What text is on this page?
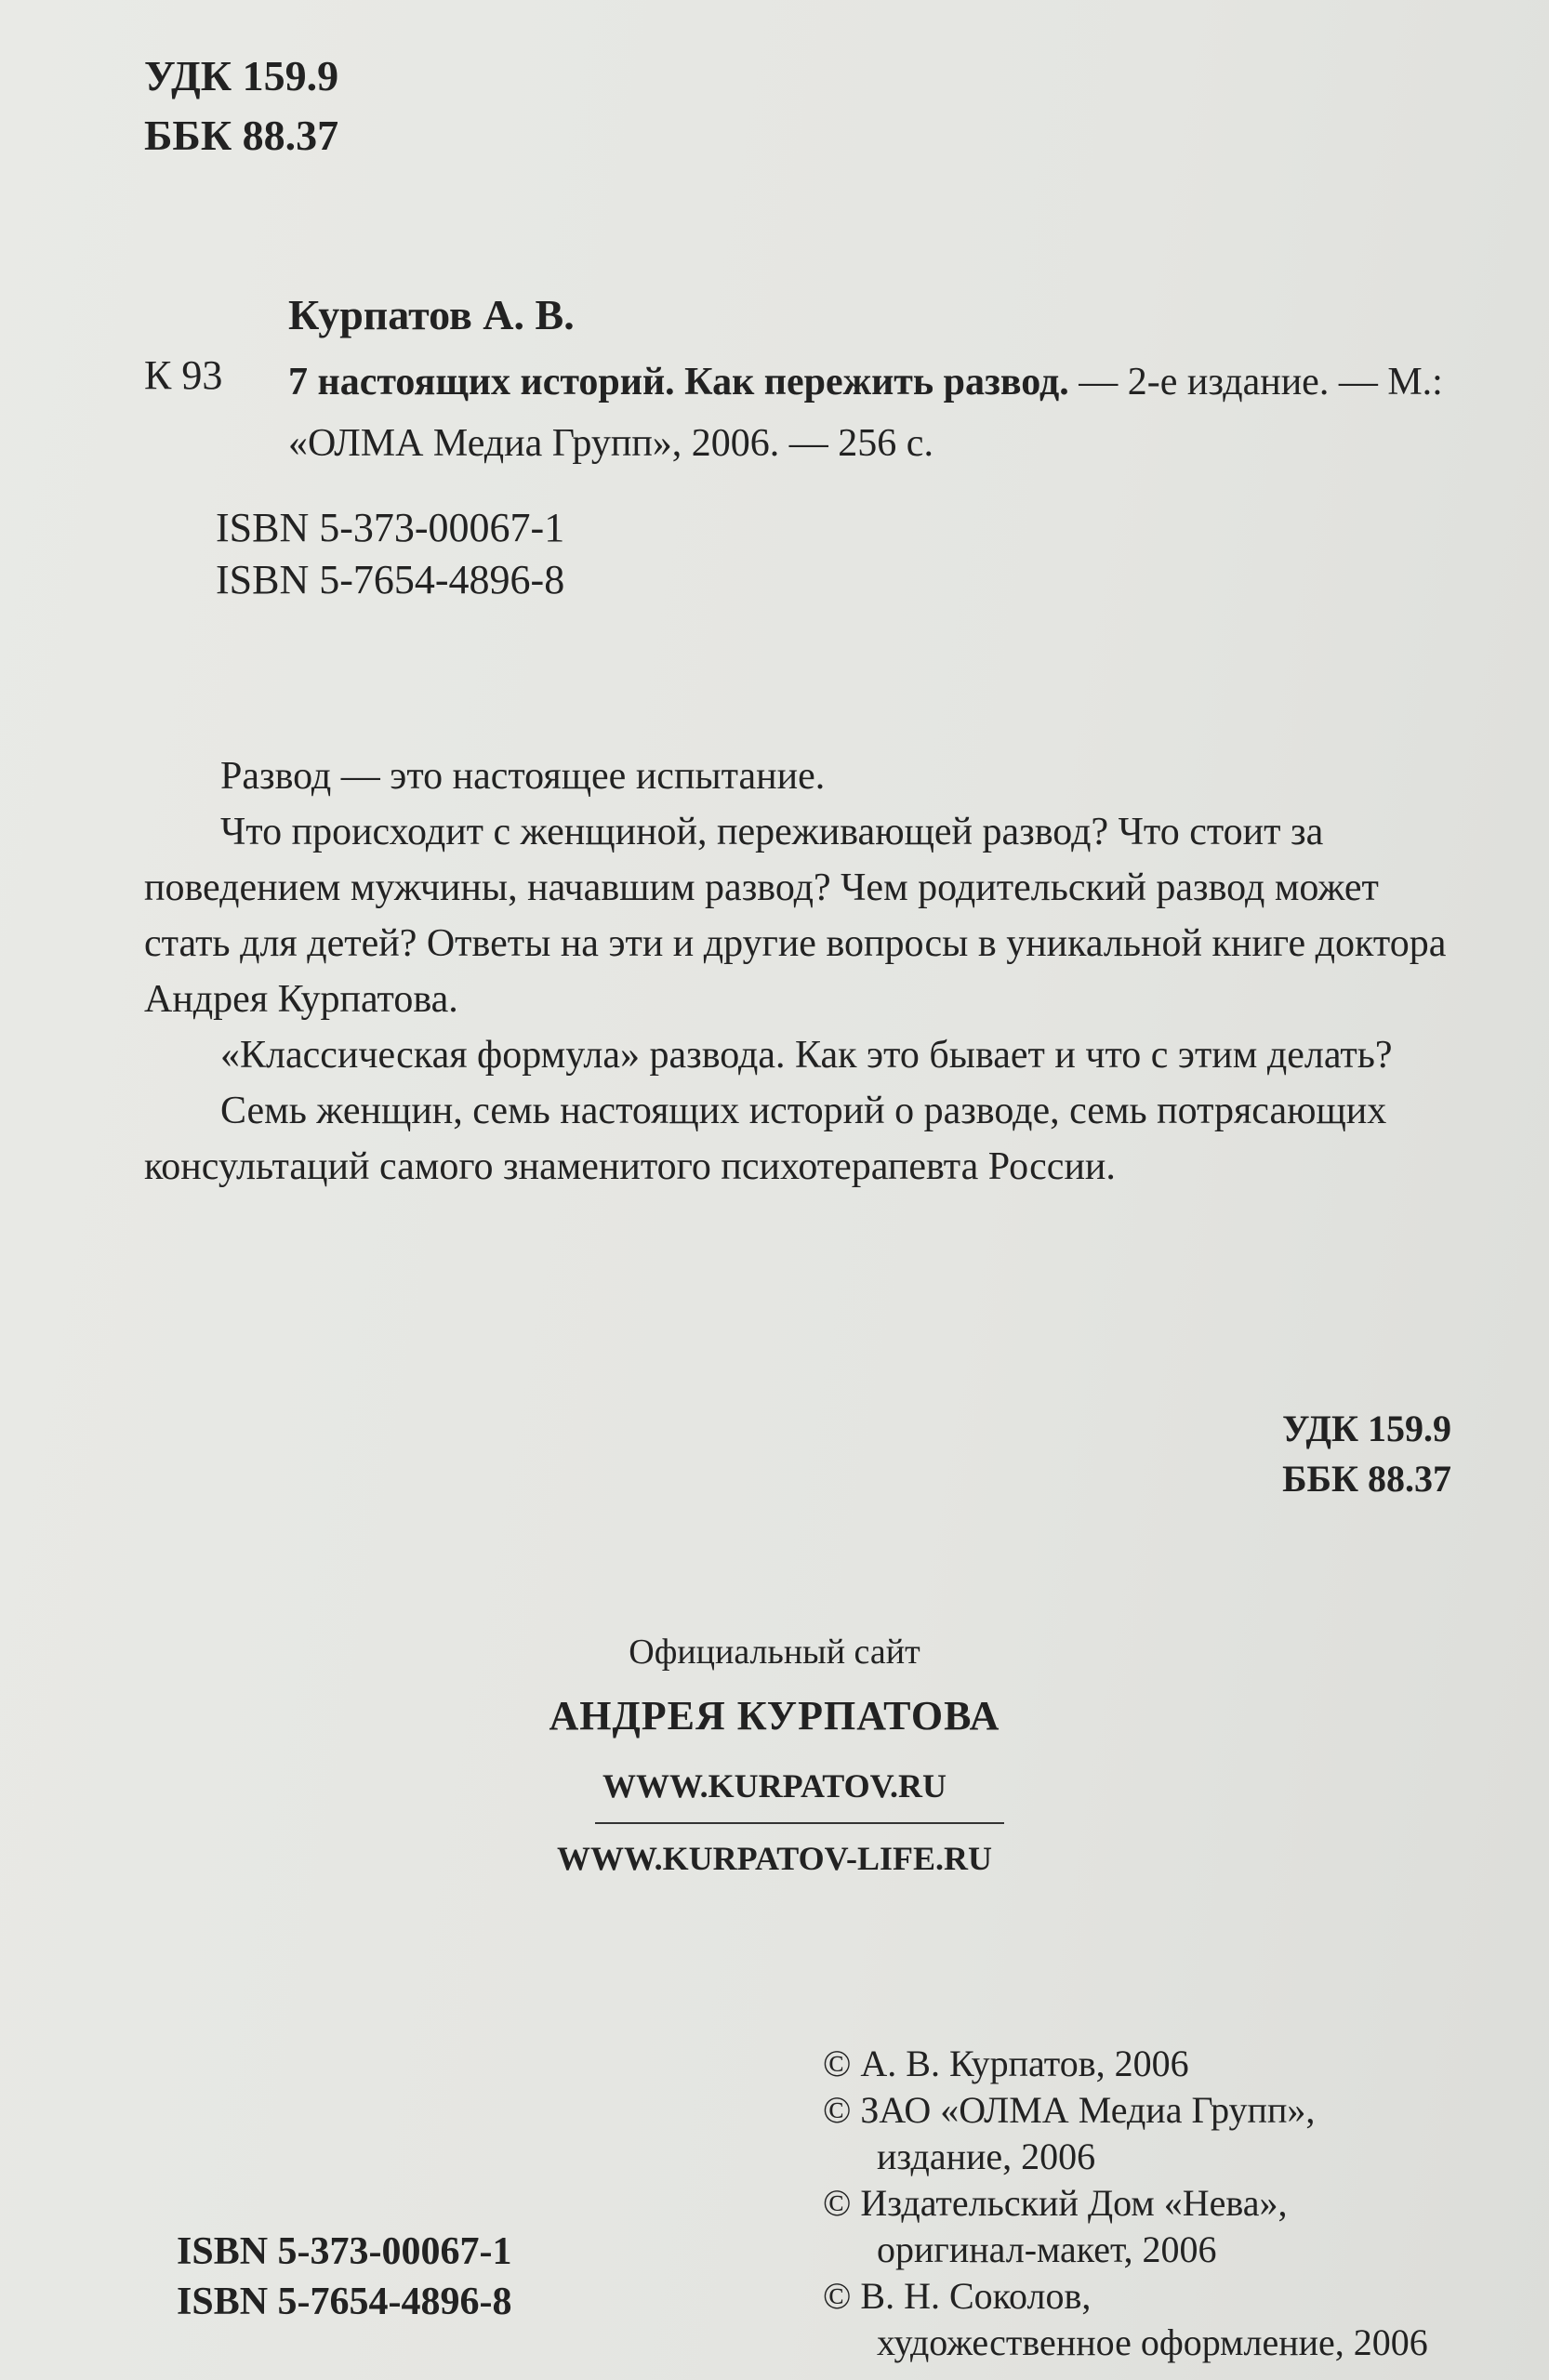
УДК 159.9
ББК 88.37
Курпатов А. В.
К 93 7 настоящих историй. Как пережить развод. — 2-е издание. — М.: «ОЛМА Медиа Групп», 2006. — 256 с.
ISBN 5-373-00067-1
ISBN 5-7654-4896-8

Развод — это настоящее испытание.

Что происходит с женщиной, переживающей развод? Что стоит за поведением мужчины, начавшим развод? Чем родительский развод может стать для детей? Ответы на эти и другие вопросы в уникальной книге доктора Андрея Курпатова.

«Классическая формула» развода. Как это бывает и что с этим делать?

Семь женщин, семь настоящих историй о разводе, семь потрясающих консультаций самого знаменитого психотерапевта России.

УДК 159.9
ББК 88.37
Официальный сайт
АНДРЕЯ КУРПАТОВА
WWW.KURPATOV.RU
WWW.KURPATOV-LIFE.RU
© А. В. Курпатов, 2006
© ЗАО «ОЛМА Медиа Групп»,
издание, 2006
© Издательский Дом «Нева»,
оригинал-макет, 2006
© В. Н. Соколов,
художественное оформление, 2006
ISBN 5-373-00067-1
ISBN 5-7654-4896-8
